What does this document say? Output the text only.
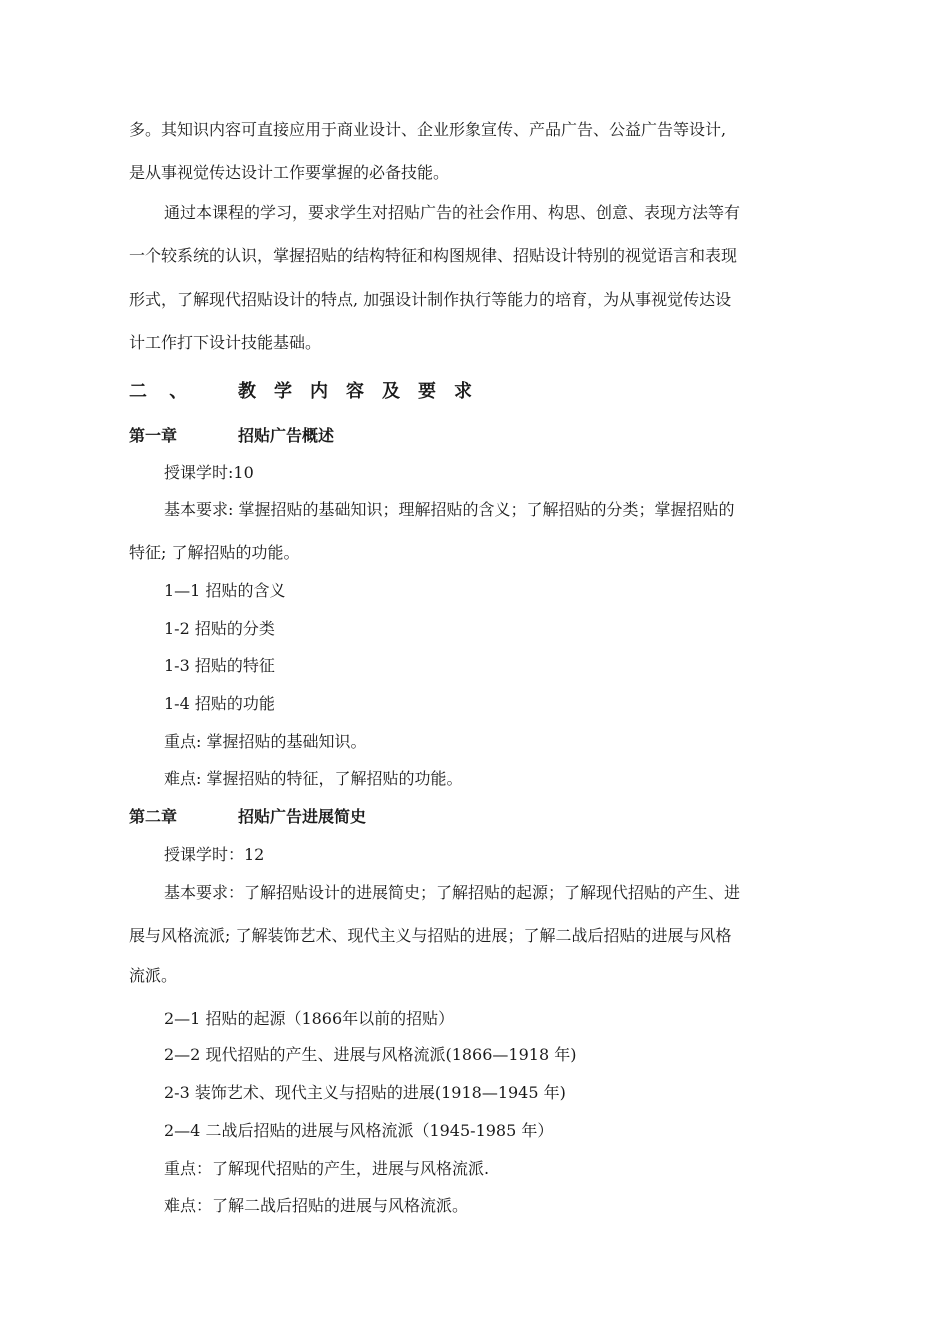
多。其知识内容可直接应用于商业设计、企业形象宣传、产品广告、公益广告等设计,
是从事视觉传达设计工作要掌握的必备技能。
通过本课程的学习，要求学生对招贴广告的社会作用、构思、创意、表现方法等有
一个较系统的认识，掌握招贴的结构特征和构图规律、招贴设计特别的视觉语言和表现
形式，了解现代招贴设计的特点, 加强设计制作执行等能力的培育，为从事视觉传达设
计工作打下设计技能基础。
二 、 教学内容及要求
第一章	招贴广告概述
授课学时:10
基本要求: 掌握招贴的基础知识；理解招贴的含义；了解招贴的分类；掌握招贴的
特征; 了解招贴的功能。
1—1 招贴的含义
1-2 招贴的分类
1-3 招贴的特征
1-4 招贴的功能
重点: 掌握招贴的基础知识。
难点: 掌握招贴的特征，了解招贴的功能。
第二章	招贴广告进展简史
授课学时：12
基本要求：了解招贴设计的进展简史；了解招贴的起源；了解现代招贴的产生、进
展与风格流派; 了解装饰艺术、现代主义与招贴的进展；了解二战后招贴的进展与风格
流派。
2—1 招贴的起源（1866年以前的招贴）
2—2 现代招贴的产生、进展与风格流派(1866—1918 年)
2-3 装饰艺术、现代主义与招贴的进展(1918—1945 年)
2—4 二战后招贴的进展与风格流派（1945-1985 年）
重点：了解现代招贴的产生，进展与风格流派.
难点：了解二战后招贴的进展与风格流派。
